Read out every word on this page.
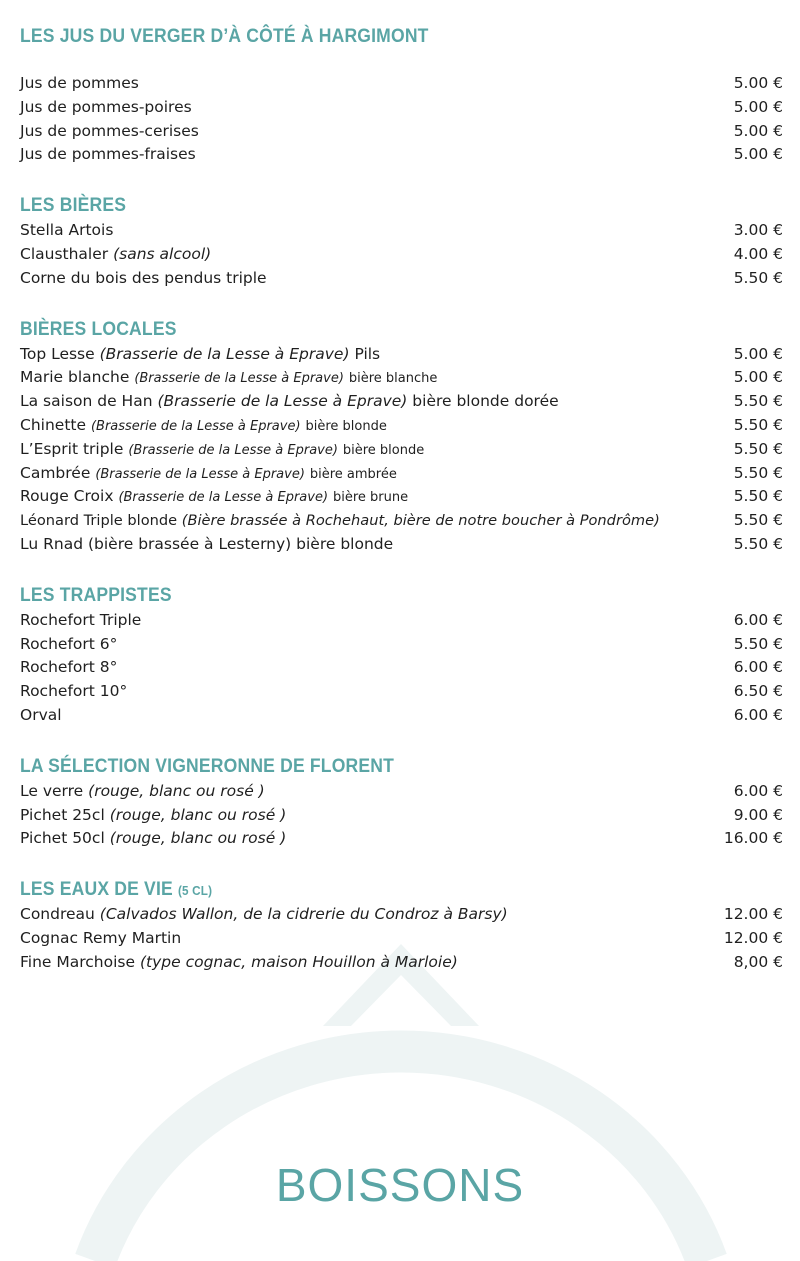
LES JUS DU VERGER D’À CÔTÉ À HARGIMONT
Jus de pommes	5.00 €
Jus de pommes-poires	5.00 €
Jus de pommes-cerises	5.00 €
Jus de pommes-fraises	5.00 €
LES BIÈRES
Stella Artois	3.00 €
Clausthaler (sans alcool)	4.00 €
Corne du bois des pendus triple	5.50 €
BIÈRES LOCALES
Top Lesse (Brasserie de la Lesse à Eprave) Pils	5.00 €
Marie blanche (Brasserie de la Lesse à Eprave) bière blanche	5.00 €
La saison de Han (Brasserie de la Lesse à Eprave) bière blonde dorée	5.50 €
Chinette (Brasserie de la Lesse à Eprave) bière blonde	5.50 €
L’Esprit triple (Brasserie de la Lesse à Eprave) bière blonde	5.50 €
Cambrée (Brasserie de la Lesse à Eprave) bière ambrée	5.50 €
Rouge Croix (Brasserie de la Lesse à Eprave) bière brune	5.50 €
Léonard Triple blonde (Bière brassée à Rochehaut, bière de notre boucher à Pondrôme)	5.50 €
Lu Rnad (bière brassée à Lesterny) bière blonde	5.50 €
LES TRAPPISTES
Rochefort Triple	6.00 €
Rochefort 6°	5.50 €
Rochefort 8°	6.00 €
Rochefort 10°	6.50 €
Orval	6.00 €
LA SÉLECTION VIGNERONNE DE FLORENT
Le verre (rouge, blanc ou rosé )	6.00 €
Pichet 25cl (rouge, blanc ou rosé )	9.00 €
Pichet 50cl (rouge, blanc ou rosé )	16.00 €
LES EAUX DE VIE (5 CL)
Condreau (Calvados Wallon, de la cidrerie du Condroz à Barsy)	12.00 €
Cognac Remy Martin	12.00 €
Fine Marchoise (type cognac, maison Houillon à Marloie)	8,00 €
BOISSONS
